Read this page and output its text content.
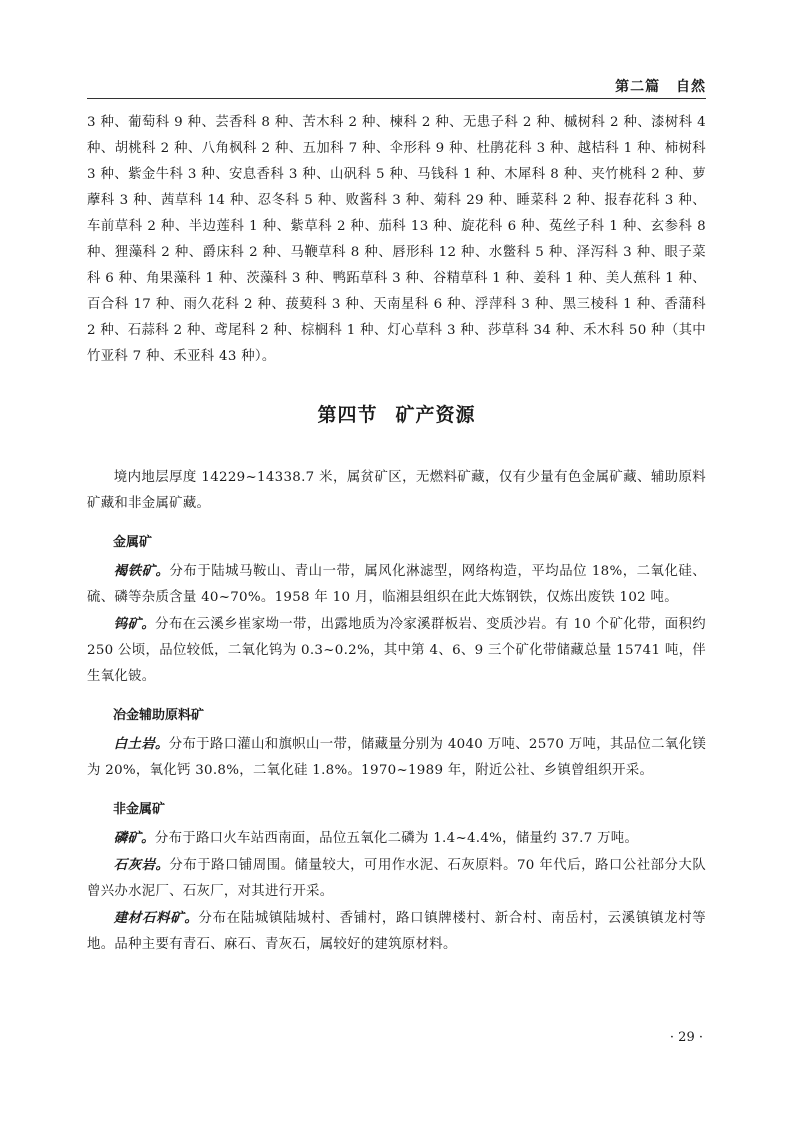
第二篇 自然

3 种、葡萄科 9 种、芸香科 8 种、苦木科 2 种、楝科 2 种、无患子科 2 种、槭树科 2 种、漆树科 4 种、胡桃科 2 种、八角枫科 2 种、五加科 7 种、伞形科 9 种、杜鹃花科 3 种、越桔科 1 种、柿树科 3 种、紫金牛科 3 种、安息香科 3 种、山矾科 5 种、马钱科 1 种、木犀科 8 种、夹竹桃科 2 种、萝藦科 3 种、茜草科 14 种、忍冬科 5 种、败酱科 3 种、菊科 29 种、睡菜科 2 种、报春花科 3 种、车前草科 2 种、半边莲科 1 种、紫草科 2 种、茄科 13 种、旋花科 6 种、菟丝子科 1 种、玄参科 8 种、狸藻科 2 种、爵床科 2 种、马鞭草科 8 种、唇形科 12 种、水鳖科 5 种、泽泻科 3 种、眼子菜科 6 种、角果藻科 1 种、茨藻科 3 种、鸭跖草科 3 种、谷精草科 1 种、姜科 1 种、美人蕉科 1 种、百合科 17 种、雨久花科 2 种、菝葜科 3 种、天南星科 6 种、浮萍科 3 种、黑三棱科 1 种、香蒲科 2 种、石蒜科 2 种、鸢尾科 2 种、棕榈科 1 种、灯心草科 3 种、莎草科 34 种、禾木科 50 种（其中竹亚科 7 种、禾亚科 43 种）。

第四节 矿产资源

境内地层厚度 14229~14338.7 米，属贫矿区，无燃料矿藏，仅有少量有色金属矿藏、辅助原料矿藏和非金属矿藏。

金属矿

褐铁矿。分布于陆城马鞍山、青山一带，属风化淋滤型，网络构造，平均品位 18%，二氧化硅、硫、磷等杂质含量 40~70%。1958 年 10 月，临湘县组织在此大炼钢铁，仅炼出废铁 102 吨。

钨矿。分布在云溪乡崔家坳一带，出露地质为冷家溪群板岩、变质沙岩。有 10 个矿化带，面积约 250 公顷，品位较低，二氧化钨为 0.3~0.2%，其中第 4、6、9 三个矿化带储藏总量 15741 吨，伴生氧化铍。

冶金辅助原料矿

白土岩。分布于路口灌山和旗帜山一带，储藏量分别为 4040 万吨、2570 万吨，其品位二氧化镁为 20%，氧化钙 30.8%，二氧化硅 1.8%。1970~1989 年，附近公社、乡镇曾组织开采。

非金属矿

磷矿。分布于路口火车站西南面，品位五氧化二磷为 1.4~4.4%，储量约 37.7 万吨。

石灰岩。分布于路口铺周围。储量较大，可用作水泥、石灰原料。70 年代后，路口公社部分大队曾兴办水泥厂、石灰厂，对其进行开采。

建材石料矿。分布在陆城镇陆城村、香铺村，路口镇牌楼村、新合村、南岳村，云溪镇镇龙村等地。品种主要有青石、麻石、青灰石，属较好的建筑原材料。

· 29 ·
